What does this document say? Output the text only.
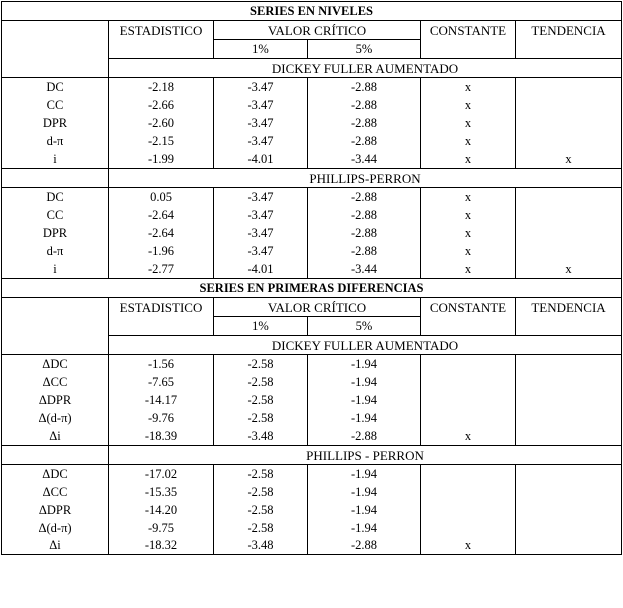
SERIES EN NIVELES					
	ESTADISTICO	VALOR CRÍTICO		CONSTANTE	TENDENCIA
		1%	5%		
	DICKEY FULLER AUMENTADO				
DC	-2.18	-3.47	-2.88	x	
CC	-2.66	-3.47	-2.88	x	
DPR	-2.60	-3.47	-2.88	x	
d-π	-2.15	-3.47	-2.88	x	
i	-1.99	-4.01	-3.44	x	x
	PHILLIPS-PERRON				
DC	0.05	-3.47	-2.88	x	
CC	-2.64	-3.47	-2.88	x	
DPR	-2.64	-3.47	-2.88	x	
d-π	-1.96	-3.47	-2.88	x	
i	-2.77	-4.01	-3.44	x	x
SERIES EN PRIMERAS DIFERENCIAS					
	ESTADISTICO	VALOR CRÍTICO		CONSTANTE	TENDENCIA
		1%	5%		
	DICKEY FULLER AUMENTADO				
ΔDC	-1.56	-2.58	-1.94		
ΔCC	-7.65	-2.58	-1.94		
ΔDPR	-14.17	-2.58	-1.94		
Δ(d-π)	-9.76	-2.58	-1.94		
Δi	-18.39	-3.48	-2.88	x	
	PHILLIPS - PERRON				
ΔDC	-17.02	-2.58	-1.94		
ΔCC	-15.35	-2.58	-1.94		
ΔDPR	-14.20	-2.58	-1.94		
Δ(d-π)	-9.75	-2.58	-1.94		
Δi	-18.32	-3.48	-2.88	x	
